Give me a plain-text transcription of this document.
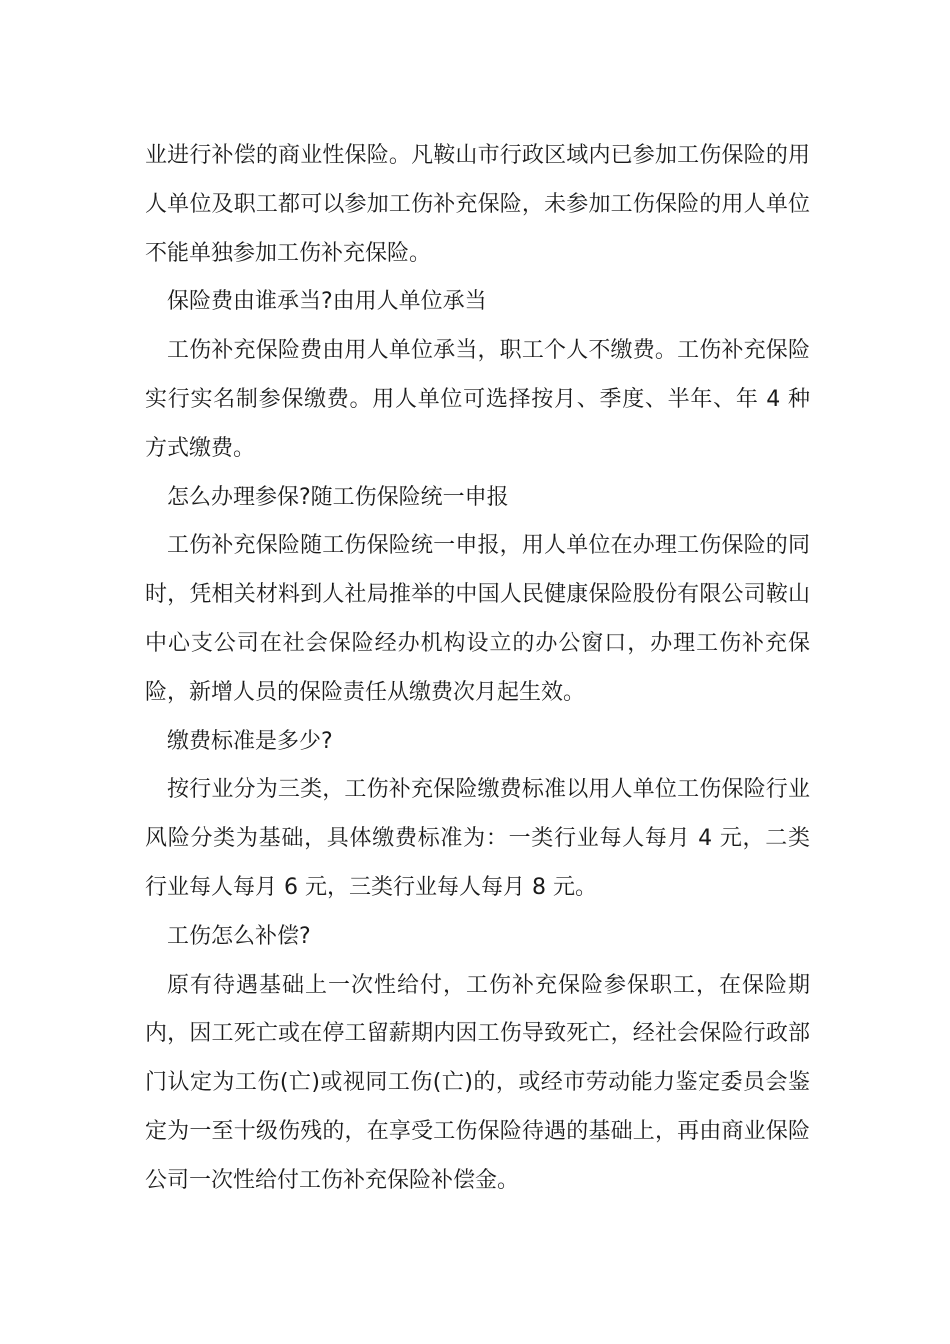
业进行补偿的商业性保险。凡鞍山市行政区域内已参加工伤保险的用人单位及职工都可以参加工伤补充保险，未参加工伤保险的用人单位不能单独参加工伤补充保险。

保险费由谁承当?由用人单位承当

工伤补充保险费由用人单位承当，职工个人不缴费。工伤补充保险实行实名制参保缴费。用人单位可选择按月、季度、半年、年 4 种方式缴费。

怎么办理参保?随工伤保险统一申报

工伤补充保险随工伤保险统一申报，用人单位在办理工伤保险的同时，凭相关材料到人社局推举的中国人民健康保险股份有限公司鞍山中心支公司在社会保险经办机构设立的办公窗口，办理工伤补充保险，新增人员的保险责任从缴费次月起生效。

缴费标准是多少?

按行业分为三类，工伤补充保险缴费标准以用人单位工伤保险行业风险分类为基础，具体缴费标准为：一类行业每人每月 4 元，二类行业每人每月 6 元，三类行业每人每月 8 元。

工伤怎么补偿?

原有待遇基础上一次性给付，工伤补充保险参保职工，在保险期内，因工死亡或在停工留薪期内因工伤导致死亡，经社会保险行政部门认定为工伤(亡)或视同工伤(亡)的，或经市劳动能力鉴定委员会鉴定为一至十级伤残的，在享受工伤保险待遇的基础上，再由商业保险公司一次性给付工伤补充保险补偿金。
